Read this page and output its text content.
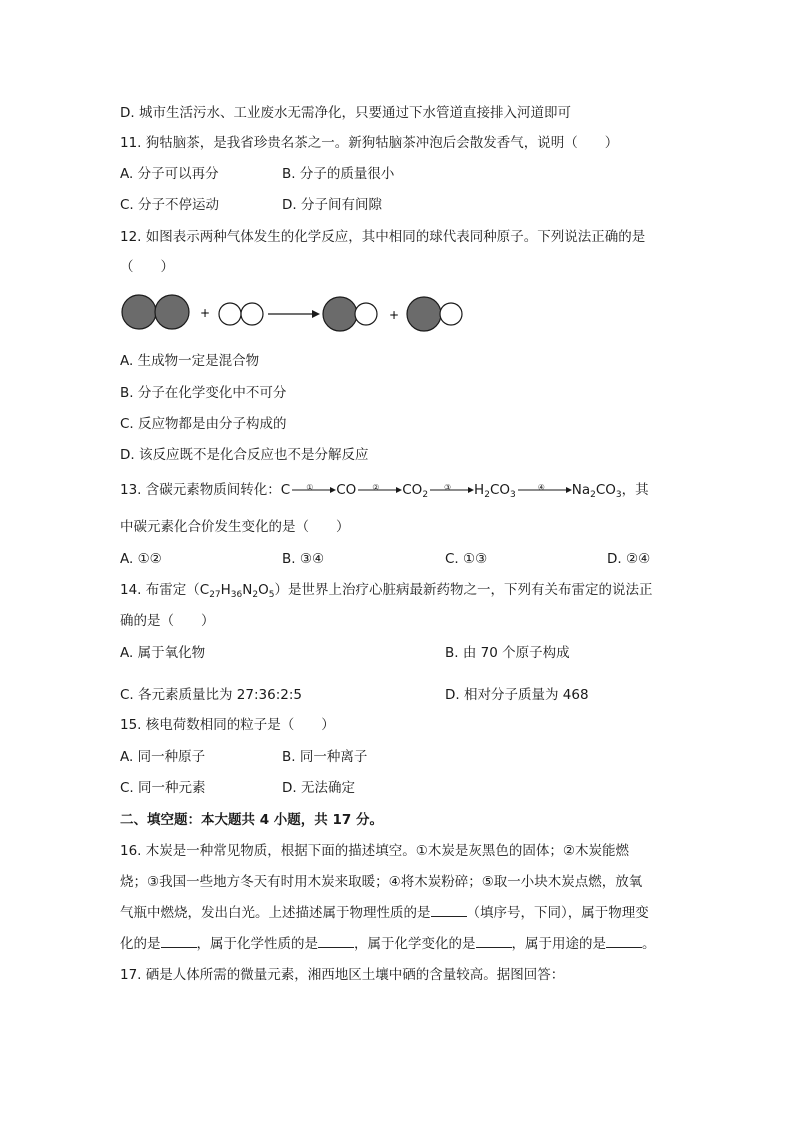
D. 城市生活污水、工业废水无需净化，只要通过下水管道直接排入河道即可
11. 狗牯脑茶，是我省珍贵名茶之一。新狗牯脑茶冲泡后会散发香气，说明（　　）
A. 分子可以再分	B. 分子的质量很小
C. 分子不停运动	D. 分子间有间隙
12. 如图表示两种气体发生的化学反应，其中相同的球代表同种原子。下列说法正确的是
（　　）
+	+
A. 生成物一定是混合物
B. 分子在化学变化中不可分
C. 反应物都是由分子构成的
D. 该反应既不是化合反应也不是分解反应
13. 含碳元素物质间转化：C ① CO ② $CO_2$
③ $H_2CO_3$
④ $Na_2CO_3$，其
中碳元素化合价发生变化的是（　　）
A. ①②	B. ③④	C. ①③	D. ②④
14. 布雷定$(C_{27}H_{36}N_2O_5)$是世界上治疗心脏病最新药物之一，下列有关布雷定的说法正
确的是（　　）
A. 属于氧化物	B. 由 70 个原子构成
C. 各元素质量比为 27:36:2:5	D. 相对分子质量为 468
15. 核电荷数相同的粒子是（　　）
A. 同一种原子	B. 同一种离子
C. 同一种元素	D. 无法确定
二、填空题：本大题共 4 小题，共 17 分。
16. 木炭是一种常见物质，根据下面的描述填空。①木炭是灰黑色的固体；②木炭能燃
烧；③我国一些地方冬天有时用木炭来取暖；④将木炭粉碎；⑤取一小块木炭点燃，放氧
气瓶中燃烧，发出白光。上述描述属于物理性质的是	（填序号，下同），属于物理变
化的是	，属于化学性质的是	，属于化学变化的是	，属于用途的是	。
17. 硒是人体所需的微量元素，湘西地区土壤中硒的含量较高。据图回答：
